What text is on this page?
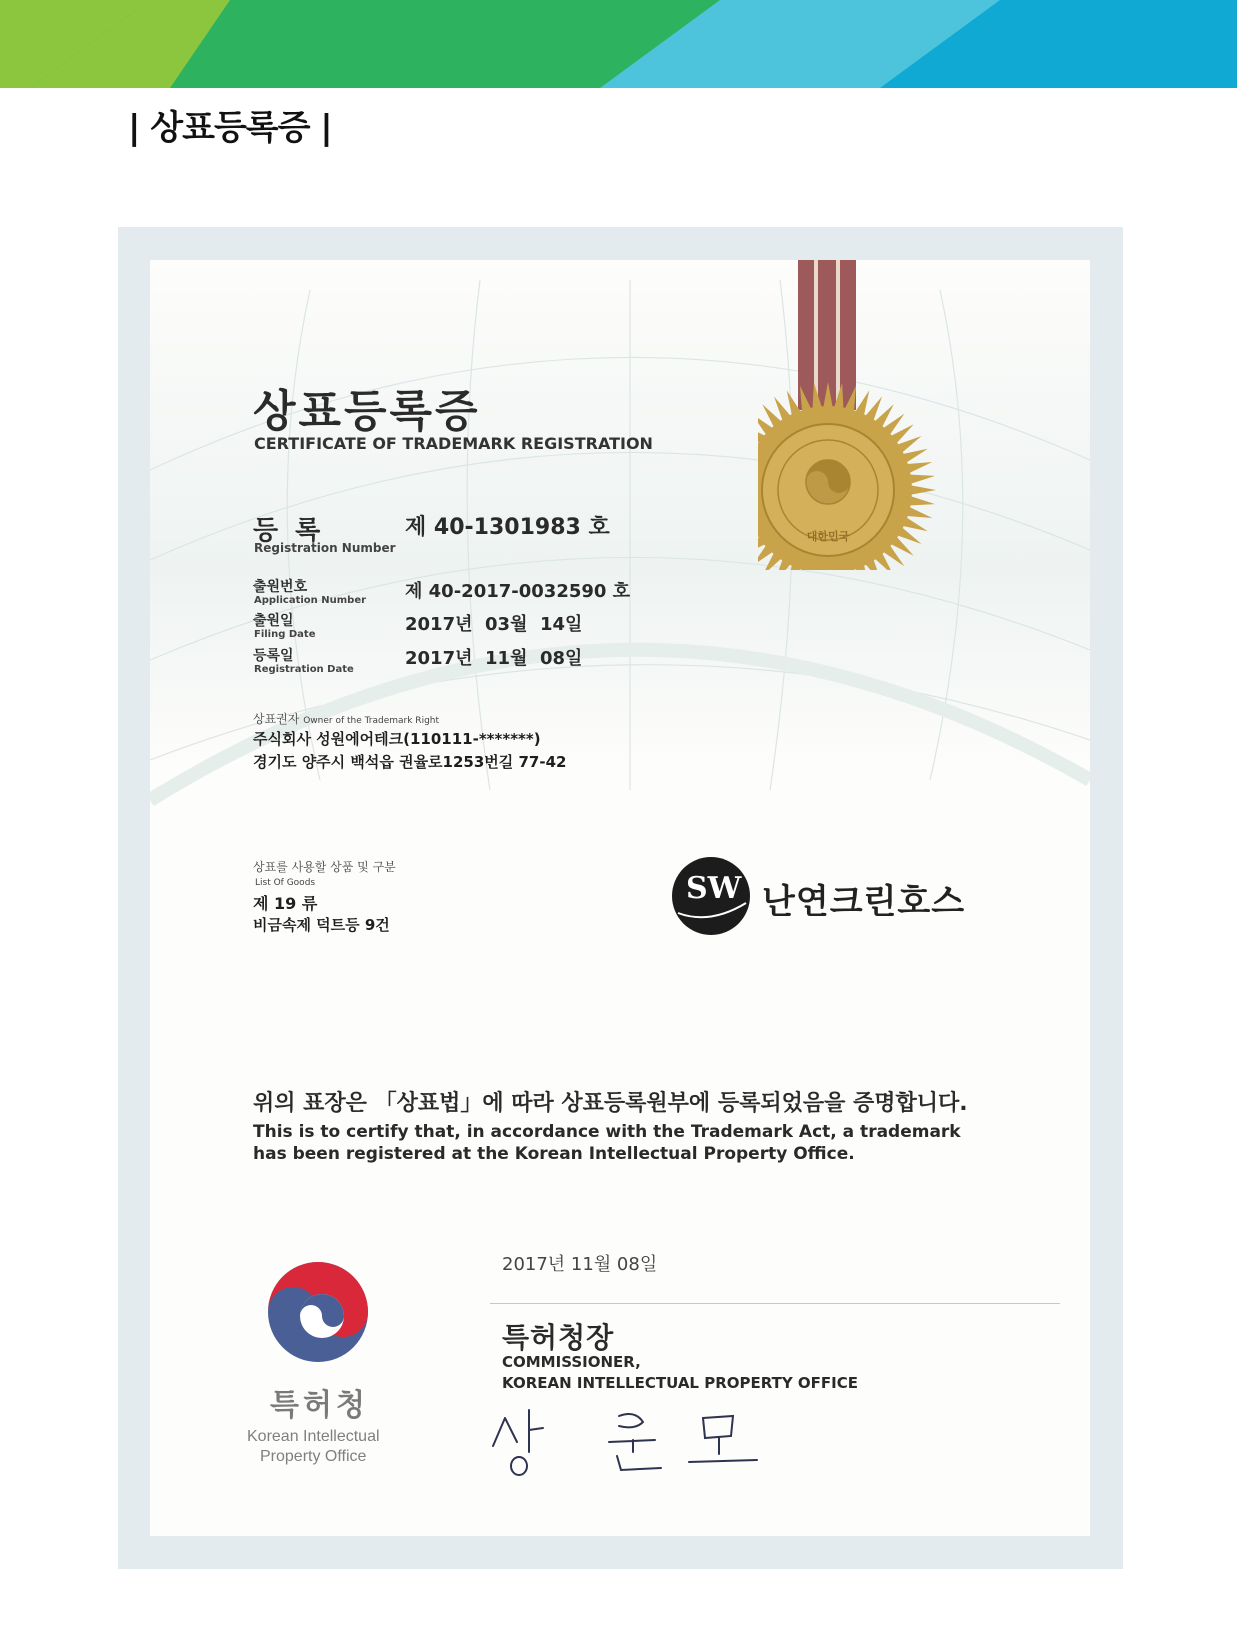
| 상표등록증 |
상표등록증
CERTIFICATE OF TRADEMARK REGISTRATION
등 록
Registration Number
제 40-1301983 호
출원번호
Application Number 제 40-2017-0032590 호
출원일
Filing Date	2017년  03월  14일
등록일
Registration Date
2017년  11월  08일
상표권자 Owner of the Trademark Right
주식회사 성원에어테크(110111-*******)
경기도 양주시 백석읍 권율로1253번길 77-42
상표를 사용할 상품 및 구분
List Of Goods
제 19 류
비금속제 덕트등 9건
SW 난연크린호스
위의 표장은 「상표법」에 따라 상표등록원부에 등록되었음을 증명합니다.
This is to certify that, in accordance with the Trademark Act, a trademark
has been registered at the Korean Intellectual Property Office.
특허청
Korean Intellectual
Property Office
2017년 11월 08일
특허청장
COMMISSIONER,
KOREAN INTELLECTUAL PROPERTY OFFICE
성 윤 모
대한민국
